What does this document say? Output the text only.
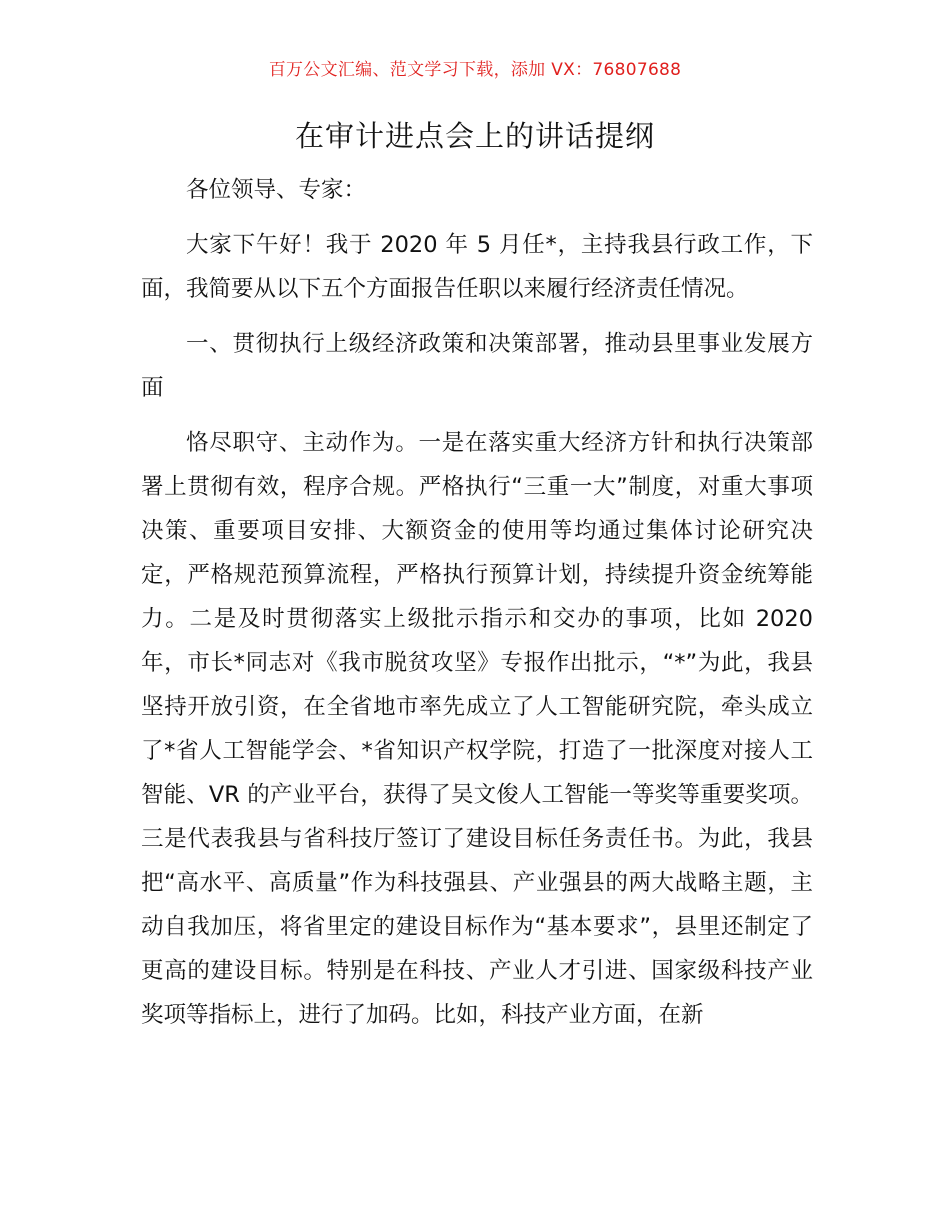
百万公文汇编、范文学习下载，添加 VX：76807688
在审计进点会上的讲话提纲

各位领导、专家：

大家下午好！我于 2020 年 5 月任*，主持我县行政工作，下面，我简要从以下五个方面报告任职以来履行经济责任情况。

一、贯彻执行上级经济政策和决策部署，推动县里事业发展方面

恪尽职守、主动作为。一是在落实重大经济方针和执行决策部署上贯彻有效，程序合规。严格执行“三重一大”制度，对重大事项决策、重要项目安排、大额资金的使用等均通过集体讨论研究决定，严格规范预算流程，严格执行预算计划，持续提升资金统筹能力。二是及时贯彻落实上级批示指示和交办的事项，比如 2020 年，市长*同志对《我市脱贫攻坚》专报作出批示，“*”为此，我县坚持开放引资，在全省地市率先成立了人工智能研究院，牵头成立了*省人工智能学会、*省知识产权学院，打造了一批深度对接人工智能、VR 的产业平台，获得了吴文俊人工智能一等奖等重要奖项。三是代表我县与省科技厅签订了建设目标任务责任书。为此，我县把“高水平、高质量”作为科技强县、产业强县的两大战略主题，主动自我加压，将省里定的建设目标作为“基本要求”，县里还制定了更高的建设目标。特别是在科技、产业人才引进、国家级科技产业奖项等指标上，进行了加码。比如，科技产业方面，在新
